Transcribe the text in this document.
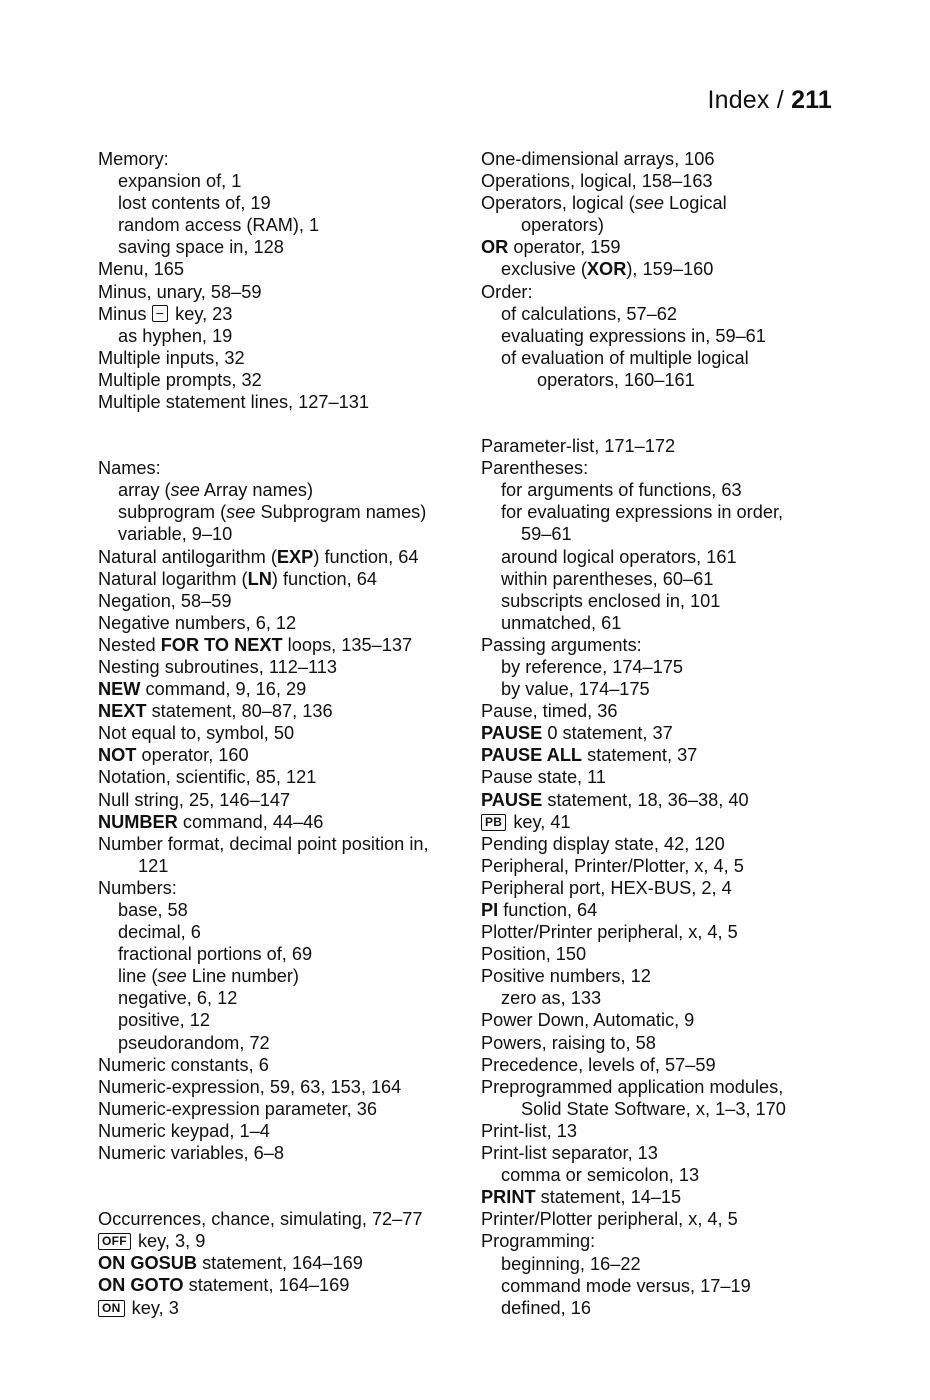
Index / 211
Memory:
expansion of, 1
lost contents of, 19
random access (RAM), 1
saving space in, 128
Menu, 165
Minus, unary, 58–59
Minus − key, 23
as hyphen, 19
Multiple inputs, 32
Multiple prompts, 32
Multiple statement lines, 127–131
Names:
array (see Array names)
subprogram (see Subprogram names)
variable, 9–10
Natural antilogarithm (EXP) function, 64
Natural logarithm (LN) function, 64
Negation, 58–59
Negative numbers, 6, 12
Nested FOR TO NEXT loops, 135–137
Nesting subroutines, 112–113
NEW command, 9, 16, 29
NEXT statement, 80–87, 136
Not equal to, symbol, 50
NOT operator, 160
Notation, scientific, 85, 121
Null string, 25, 146–147
NUMBER command, 44–46
Number format, decimal point position in,
121
Numbers:
base, 58
decimal, 6
fractional portions of, 69
line (see Line number)
negative, 6, 12
positive, 12
pseudorandom, 72
Numeric constants, 6
Numeric-expression, 59, 63, 153, 164
Numeric-expression parameter, 36
Numeric keypad, 1–4
Numeric variables, 6–8
Occurrences, chance, simulating, 72–77
OFF key, 3, 9
ON GOSUB statement, 164–169
ON GOTO statement, 164–169
ON key, 3
One-dimensional arrays, 106
Operations, logical, 158–163
Operators, logical (see Logical
operators)
OR operator, 159
exclusive (XOR), 159–160
Order:
of calculations, 57–62
evaluating expressions in, 59–61
of evaluation of multiple logical
operators, 160–161
Parameter-list, 171–172
Parentheses:
for arguments of functions, 63
for evaluating expressions in order,
59–61
around logical operators, 161
within parentheses, 60–61
subscripts enclosed in, 101
unmatched, 61
Passing arguments:
by reference, 174–175
by value, 174–175
Pause, timed, 36
PAUSE 0 statement, 37
PAUSE ALL statement, 37
Pause state, 11
PAUSE statement, 18, 36–38, 40
PB key, 41
Pending display state, 42, 120
Peripheral, Printer/Plotter, x, 4, 5
Peripheral port, HEX-BUS, 2, 4
PI function, 64
Plotter/Printer peripheral, x, 4, 5
Position, 150
Positive numbers, 12
zero as, 133
Power Down, Automatic, 9
Powers, raising to, 58
Precedence, levels of, 57–59
Preprogrammed application modules,
Solid State Software, x, 1–3, 170
Print-list, 13
Print-list separator, 13
comma or semicolon, 13
PRINT statement, 14–15
Printer/Plotter peripheral, x, 4, 5
Programming:
beginning, 16–22
command mode versus, 17–19
defined, 16
